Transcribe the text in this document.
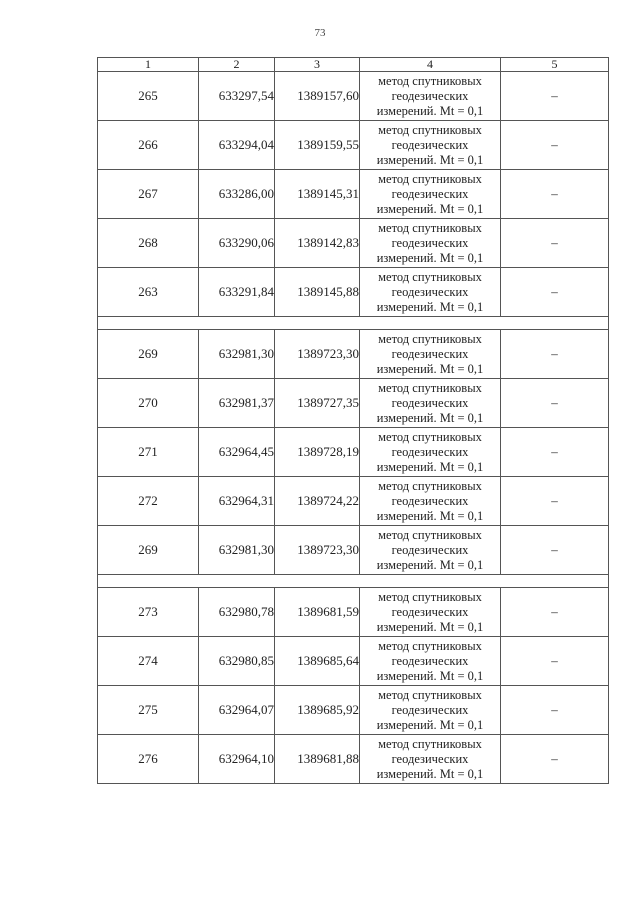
73
1	2	3	4	5
265	633297,54	1389157,60	метод спутниковых
геодезических
измерений. Mt = 0,1	–
266	633294,04	1389159,55	метод спутниковых
геодезических
измерений. Mt = 0,1	–
267	633286,00	1389145,31	метод спутниковых
геодезических
измерений. Mt = 0,1	–
268	633290,06	1389142,83	метод спутниковых
геодезических
измерений. Mt = 0,1	–
263	633291,84	1389145,88	метод спутниковых
геодезических
измерений. Mt = 0,1	–

269	632981,30	1389723,30	метод спутниковых
геодезических
измерений. Mt = 0,1	–
270	632981,37	1389727,35	метод спутниковых
геодезических
измерений. Mt = 0,1	–
271	632964,45	1389728,19	метод спутниковых
геодезических
измерений. Mt = 0,1	–
272	632964,31	1389724,22	метод спутниковых
геодезических
измерений. Mt = 0,1	–
269	632981,30	1389723,30	метод спутниковых
геодезических
измерений. Mt = 0,1	–

273	632980,78	1389681,59	метод спутниковых
геодезических
измерений. Mt = 0,1	–
274	632980,85	1389685,64	метод спутниковых
геодезических
измерений. Mt = 0,1	–
275	632964,07	1389685,92	метод спутниковых
геодезических
измерений. Mt = 0,1	–
276	632964,10	1389681,88	метод спутниковых
геодезических
измерений. Mt = 0,1	–
